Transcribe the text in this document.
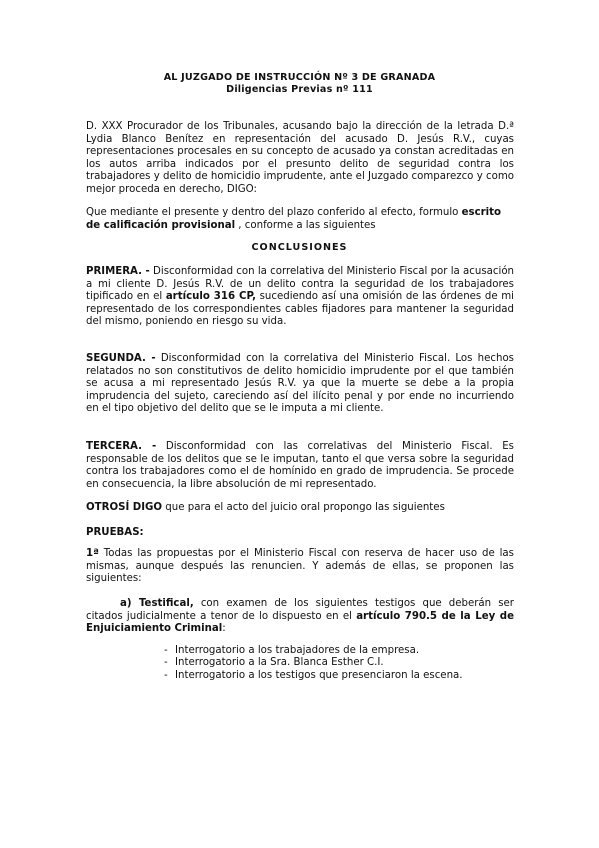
AL JUZGADO DE INSTRUCCIÓN Nº 3 DE GRANADA
Diligencias Previas nº 111

D. XXX Procurador de los Tribunales, acusando bajo la dirección de la letrada D.ª Lydia Blanco Benítez en representación del acusado D. Jesús R.V., cuyas representaciones procesales en su concepto de acusado ya constan acreditadas en los autos arriba indicados por el presunto delito de seguridad contra los trabajadores y delito de homicidio imprudente, ante el Juzgado comparezco y como mejor proceda en derecho, DIGO:

Que mediante el presente y dentro del plazo conferido al efecto, formulo escrito de calificación provisional , conforme a las siguientes

CONCLUSIONES

PRIMERA. - Disconformidad con la correlativa del Ministerio Fiscal por la acusación a mi cliente D. Jesús R.V. de un delito contra la seguridad de los trabajadores tipificado en el artículo 316 CP, sucediendo así una omisión de las órdenes de mi representado de los correspondientes cables fijadores para mantener la seguridad del mismo, poniendo en riesgo su vida.

SEGUNDA. - Disconformidad con la correlativa del Ministerio Fiscal. Los hechos relatados no son constitutivos de delito homicidio imprudente por el que también se acusa a mi representado Jesús R.V. ya que la muerte se debe a la propia imprudencia del sujeto, careciendo así del ilícito penal y por ende no incurriendo en el tipo objetivo del delito que se le imputa a mi cliente.

TERCERA. - Disconformidad con las correlativas del Ministerio Fiscal. Es responsable de los delitos que se le imputan, tanto el que versa sobre la seguridad contra los trabajadores como el de homínido en grado de imprudencia. Se procede en consecuencia, la libre absolución de mi representado.

OTROSÍ DIGO que para el acto del juicio oral propongo las siguientes

PRUEBAS:

1ª Todas las propuestas por el Ministerio Fiscal con reserva de hacer uso de las mismas, aunque después las renuncien. Y además de ellas, se proponen las siguientes:

a) Testifical, con examen de los siguientes testigos que deberán ser citados judicialmente a tenor de lo dispuesto en el artículo 790.5 de la Ley de Enjuiciamiento Criminal:

- Interrogatorio a los trabajadores de la empresa.
- Interrogatorio a la Sra. Blanca Esther C.I.
- Interrogatorio a los testigos que presenciaron la escena.
